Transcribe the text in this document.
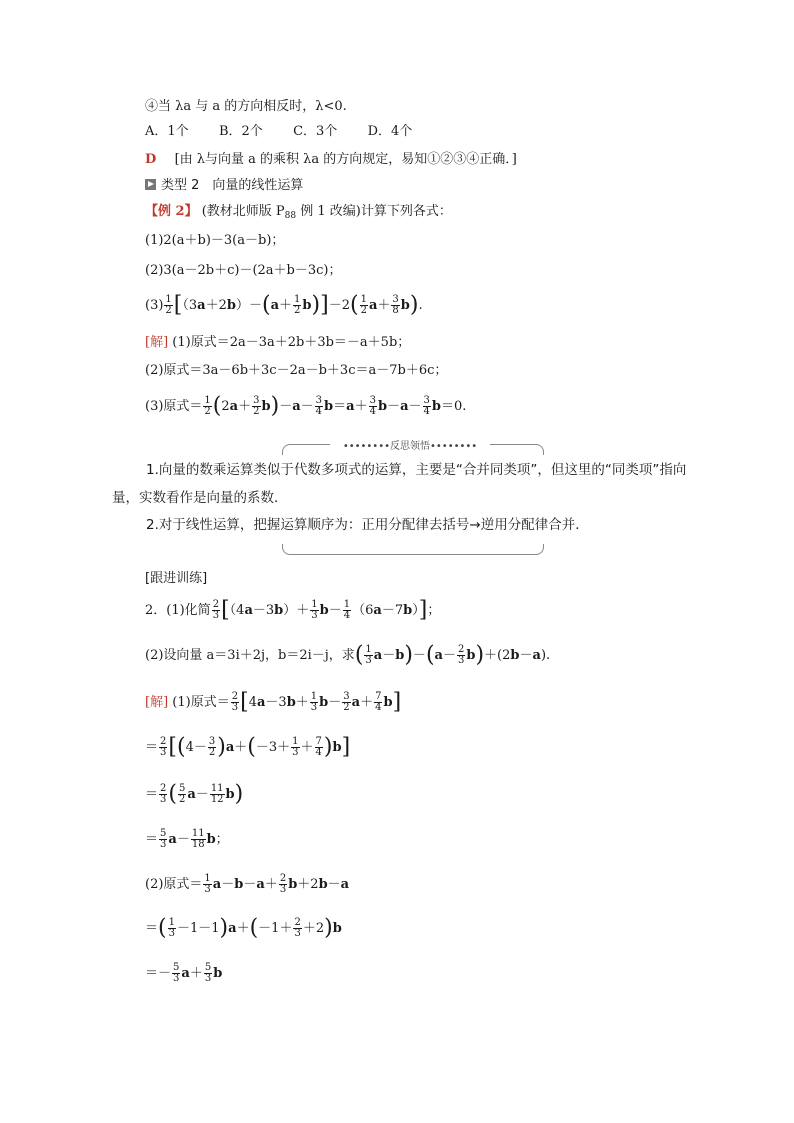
④当 λa 与 a 的方向相反时，λ<0.
A．1个 B．2个 C．3个 D．4个
D [由 λ与向量 a 的乘积 λa 的方向规定，易知①②③④正确．]
类型 2　向量的线性运算
【例 2】 (教材北师版 $P_{88}$ 例 1 改编)计算下列各式：
(1)2(a＋b)－3(a－b)；
(2)3(a－2b＋c)－(2a＋b－3c)；
$(3) \frac{1}{2} [(3a+2b)-(a+ \frac{1}{2} b)]-2( \frac{1}{2} a+ \frac{3}{8} b)$.
[解] (1)原式＝2a－3a＋2b＋3b＝－a＋5b；
(2)原式＝3a－6b＋3c－2a－b＋3c＝a－7b＋6c；
(3)原式＝ $\frac{1}{2} (2a+ \frac{3}{2} b)-a- \frac{3}{4} b=a+ \frac{3}{4} b-a- \frac{3}{4} b=0$.
••••••••反思领悟••••••••
1.向量的数乘运算类似于代数多项式的运算，主要是“合并同类项”，但这里的“同类项”指向量，实数看作是向量的系数．
2.对于线性运算，把握运算顺序为：正用分配律去括号→逆用分配律合并．
[跟进训练]
2．(1)化简 $\frac{2}{3} [(4a-3b)+ \frac{1}{3} b- \frac{1}{4} (6a-7b)]$；
(2)设向量 a＝3i＋2j，b＝2i－j，求( $\frac{1}{3} a-b)-(a- \frac{2}{3} b)+(2b-a)$.
[解] (1)原式＝ $\frac{2}{3} [4a-3b+ \frac{1}{3} b- \frac{3}{2} a+ \frac{7}{4} b]$
＝ $\frac{2}{3} [(4- \frac{3}{2} )a+(-3+ \frac{1}{3} + \frac{7}{4} )b]$
＝ $\frac{2}{3}$ ( $\frac{5}{2} a- \frac{11}{12} b$)
＝ $\frac{5}{3} a- \frac{11}{18}$ b；
(2)原式＝ $\frac{1}{3} a-b-a+ \frac{2}{3} b+2b-a$
＝( $\frac{1}{3} -1-1)a+(-1+ \frac{2}{3} +2)b$
＝－ $\frac{5}{3} a+ \frac{5}{3}$ b
